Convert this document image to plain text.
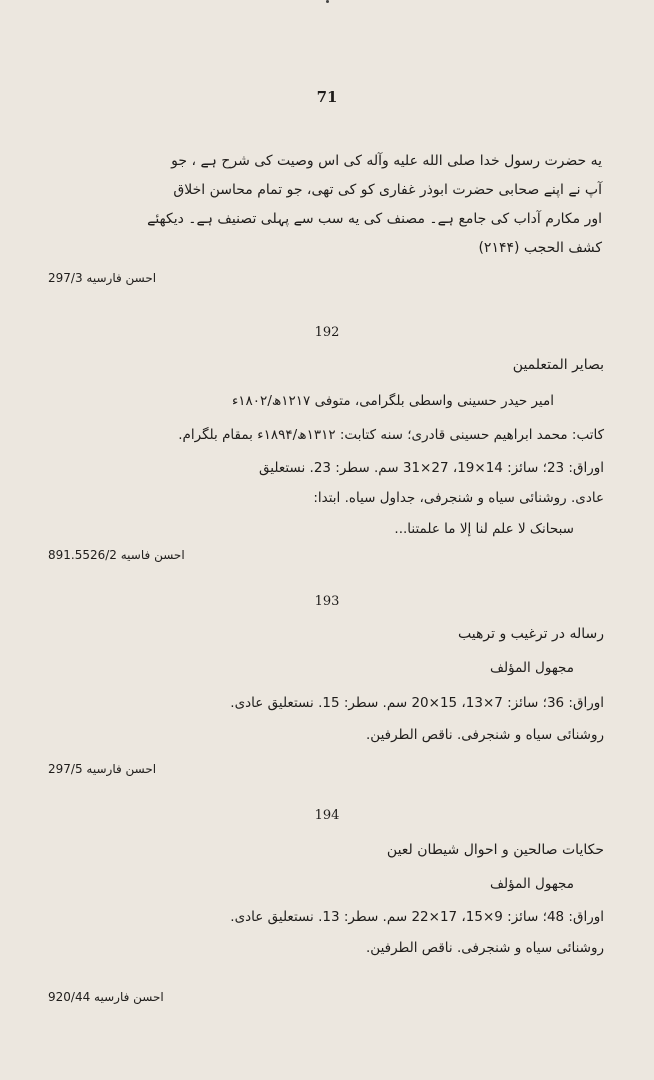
71
یه حضرت رسول خدا صلی الله علیه وآله کی اس وصیت کی شرح ہے ، جو
آپ نے اپنے صحابی حضرت ابوذر غفاری کو کی تھی، جو تمام محاسن اخلاق
اور مکارم آداب کی جامع ہے۔ مصنف کی یه سب سے پہلی تصنیف ہے۔ دیکھئے
کشف الحجب (۲۱۴۴)
احسن فارسیه 297/3
192
بصایر المتعلمین
امیر حیدر حسینی واسطی بلگرامی، متوفی ۱۲۱۷ھ/۱۸۰۲ء
کاتب: محمد ابراهیم حسینی قادری؛ سنه کتابت: ۱۳۱۲ھ/۱۸۹۴ء بمقام بلگرام.
اوراق: 23؛ سائز: 14×19، 27×31 سم. سطر: 23. نستعلیق
عادی. روشنائی سیاه و شنجرفی، جداول سیاه. ابتدا:
سبحانک لا علم لنا إلا ما علمتنا...
احسن فاسیه 891.5526/2
193
رساله در ترغیب و ترهیب
مجهول المؤلف
اوراق: 36؛ سائز: 7×13، 15×20 سم. سطر: 15. نستعلیق عادی.
روشنائی سیاه و شنجرفی. ناقص الطرفین.
احسن فارسیه 297/5
194
حکایات صالحین و احوال شیطان لعین
مجهول المؤلف
اوراق: 48؛ سائز: 9×15، 17×22 سم. سطر: 13. نستعلیق عادی.
روشنائی سیاه و شنجرفی. ناقص الطرفین.
احسن فارسیه 920/44
